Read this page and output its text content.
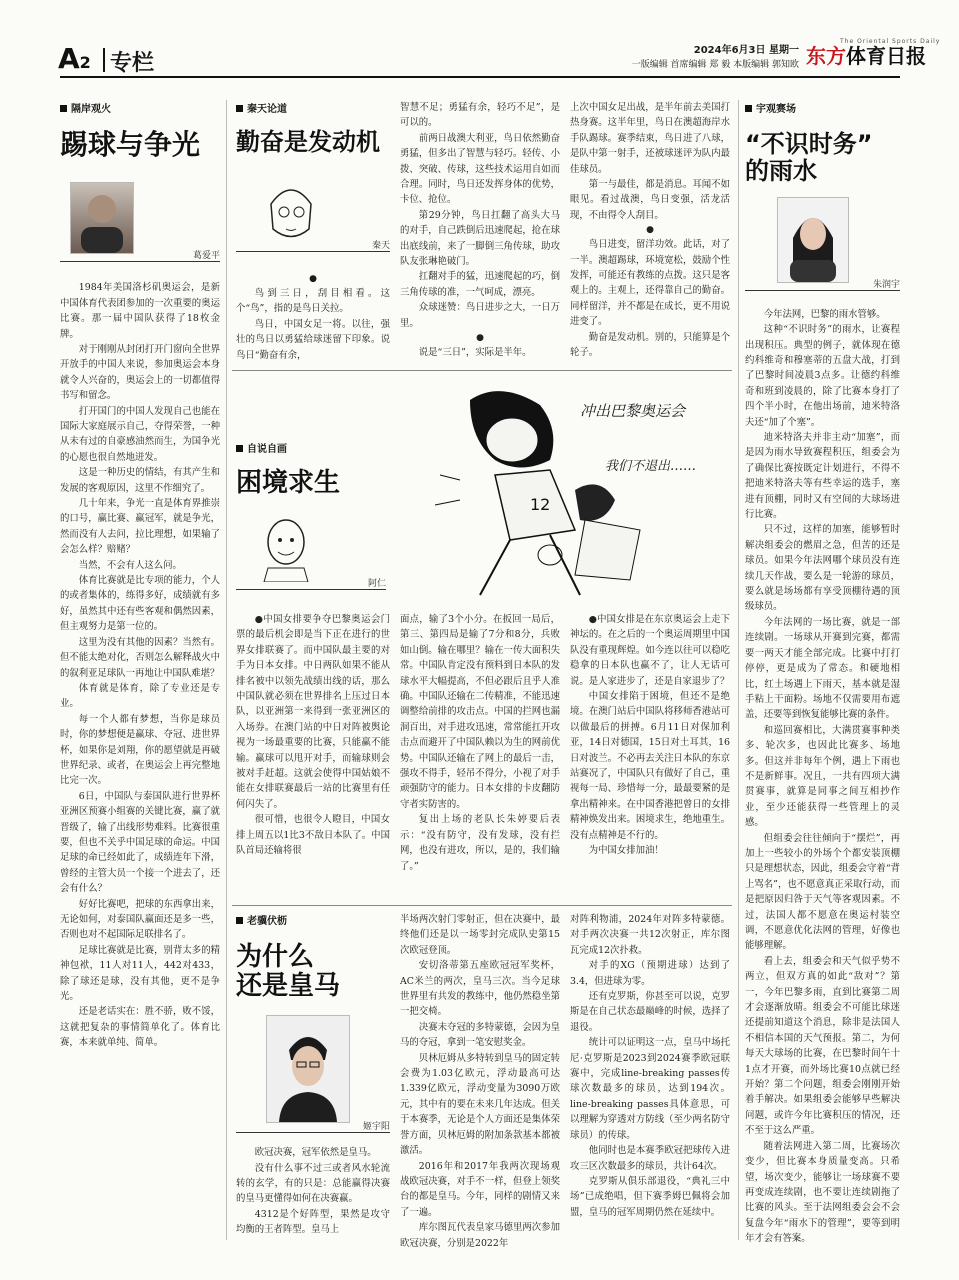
A2 专栏
2024年6月3日 星期一
一版编辑 首席编辑 郑 毅 本版编辑 郭知欧 东方体育日报
The Oriental Sports Daily
隔岸观火
踢球与争光
葛爱平

1984年美国洛杉矶奥运会，是新中国体育代表团参加的一次重要的奥运比赛。那一届中国队获得了18枚金牌。

对于刚刚从封闭打开门窗向全世界开放手的中国人来说，参加奥运会本身就令人兴奋的，奥运会上的一切都值得书写和留念。

打开国门的中国人发现自己也能在国际大家庭展示自己，夺得荣誉，一种从未有过的自豪感油然而生，为国争光的心愿也很自然地迸发。

这是一种历史的情结，有其产生和发展的客观原因，这里不作细究了。

几十年来，争光一直是体育界推崇的口号，赢比赛、赢冠军，就是争光，然而没有人去问，拉比理想，如果输了会怎么样？赔赌？

当然，不会有人这么问。

体育比赛就是比专项的能力，个人的或者集体的，练得多好，成绩就有多好，虽然其中还有些客观和偶然因素，但主观努力是第一位的。

这里为没有其他的因素？当然有。但不能太绝对化，否则怎么解释战火中的叙利亚足球队一再地让中国队难堪？

体育就是体育，除了专业还是专业。

每一个人都有梦想，当你是球员时，你的梦想便是赢球、夺冠、进世界杯，如果你是刘翔，你的愿望就是再破世界纪录、或者，在奥运会上再完整地比完一次。

6日，中国队与泰国队进行世界杯亚洲区预赛小组赛的关键比赛，赢了就晋级了，输了出线形势难料。比赛很重要，但也不关乎中国足球的命运。中国足球的命已经如此了，成绩连年下滑，曾经的主管大员一个接一个进去了，还会有什么？

好好比赛吧，把球的东西拿出来，无论如何，对泰国队赢面还是多一些，否则也对不起国际足联排名了。

足球比赛就是比赛，别背太多的精神包袱，11人对11人，442对433，除了球还是球，没有其他，更不是争光。

还是老话实在：胜不骄，败不馁，这就把复杂的事情简单化了。体育比赛，本来就单纯、简单。

秦天论道
勤奋是发动机
秦天
●

鸟到三日，刮目相看。这个“鸟”，指的是鸟日关拉。

鸟日，中国女足一将。以往，强壮的鸟日以勇猛给球迷留下印象。说鸟日“勤奋有余，

智慧不足；勇猛有余，轻巧不足”，是可以的。

前两日战澳大利亚，鸟日依然勤奋勇猛，但多出了智慧与轻巧。轻传、小拨、突破、传球，这些技术运用自如而合理。同时，鸟日还发挥身体的优势，卡位、抢位。

第29分钟，鸟日扛翻了高头大马的对手，自己跌倒后迅速爬起，抢在球出底线前，来了一脚倒三角传球，助攻队友张琳艳破门。

扛翻对手的猛，迅速爬起的巧，倒三角传球的准，一气呵成，漂亮。

众球迷赞：鸟日进步之大，一日万里。

●

说是“三日”，实际是半年。

上次中国女足出战，是半年前去美国打热身赛。这半年里，鸟日在澳超海岸水手队踢球。赛季结束，鸟日进了八球，是队中第一射手，还被球迷评为队内最佳球员。

第一与最佳，都是消息。耳闻不如眼见。看过战澳，鸟日变强，活龙活现，不由得令人刮目。

●

鸟日进变，留洋功效。此话，对了一半。澳超踢球，环境宽松，鼓励个性发挥，可能还有教练的点拨。这只是客观上的。主观上，还得靠自己的勤奋。同样留洋，并不都是在成长，更不用说进变了。

勤奋是发动机。别的，只能算是个轮子。

宇观赛场
“不识时务”
的雨水
朱润宇

今年法网，巴黎的雨水管够。

这种“不识时务”的雨水，让赛程出现积压。典型的例子，就体现在德约科维奇和穆塞蒂的五盘大战，打到了巴黎时间凌晨3点多。让德约科维奇和班到凌晨的，除了比赛本身打了四个半小时，在他出场前，迪米特洛夫还“加了个塞”。

迪米特洛夫并非主动“加塞”，而是因为雨水导致赛程积压，组委会为了确保比赛按既定计划进行，不得不把迪米特洛夫等有些幸运的选手，塞进有顶棚，同时又有空间的大球场进行比赛。

只不过，这样的加塞，能够暂时解决组委会的燃眉之急，但苦的还是球员。如果今年法网哪个球员没有连续几天作战，要么是一轮游的球员，要么就是场场都有享受顶棚待遇的顶级球员。

今年法网的一场比赛，就是一部连续剧。一场球从开赛到完赛，都需要一两天才能全部完成。比赛中打打停停，更是成为了常态。和硬地相比，红土场遇上下雨天，基本就是湿手粘上干面粉。场地不仅需要用布遮盖，还要等到恢复能够比赛的条件。

和巡回赛相比，大满贯赛事种类多、轮次多，也因此比赛多、场地多。但这并非每年个例，遇上下雨也不是新鲜事。况且，一共有四项大满贯赛事，就算是同事之间互相抄作业，至少还能获得一些管理上的灵感。

但组委会往往倾向于“摆烂”，再加上一些较小的外场个个都安装顶棚只是理想状态，因此，组委会守着“背上骂名”，也不愿意真正采取行动，而是把原因归咎于天气等客观因素。不过，法国人都不愿意在奥运村装空调，不愿意优化法网的管理，好像也能够理解。

看上去，组委会和天气似乎势不两立，但双方真的如此“敌对”？第一，今年巴黎多雨，直到比赛第二周才会逐渐放晴。组委会不可能比球迷还提前知道这个消息，除非是法国人不相信本国的天气预报。第二，为何每天大球场的比赛，在巴黎时间午十1点才开赛，而外场比赛10点就已经开始？第二个问题，组委会刚刚开始着手解决。如果组委会能够早些解决问题，或许今年比赛积压的情况，还不至于这么严重。

随着法网进入第二周，比赛场次变少，但比赛本身质量变高。只希望，场次变少，能够让一场球赛不要再变成连续剧，也不要让连续剧拖了比赛的风头。至于法网组委会会不会复盘今年“雨水下的管理”，要等到明年才会有答案。

自说自画
困境求生
阿仁
12
冲出巴黎奥运会
我们不退出……

●中国女排要争夺巴黎奥运会门票的最后机会即是当下正在进行的世界女排联赛了。而中国队最主要的对手为日本女排。中日两队如果不能从排名被中以领先战绩出线的话，那么中国队就必须在世界排名上压过日本队，以亚洲第一来得到一张亚洲区的入场券。在澳门站的中日对阵被舆论视为一场最重要的比赛，只能赢不能输。赢球可以甩开对手，而输球则会被对手赶超。这就会使得中国姑娘不能在女排联赛最后一站的比赛里有任何闪失了。

很可惜，也很令人瞪目，中国女排上周五以1比3不敌日本队了。中国队首局还输将很

面点，输了3个小分。在扳回一局后，第三、第四局是输了7分和8分，兵败如山倒。输在哪里？输在一传大面积失常。中国队肯定没有预料到日本队的发球水平大幅提高，不但必跟后且乎人准确。中国队还输在二传精准，不能迅速调整给前排的攻击点。中国的拦网也漏洞百出，对手进攻迅速，常常能扛开攻击点而避开了中国队赖以为生的网前优势。中国队还输在了网上的最后一击，强攻不得手，轻吊不得分，小视了对手顽强防守的能力。日本女排的卡皮翻防守者实防害的。

复出上场的老队长朱婷要后表示：“没有防守，没有发球，没有拦网，也没有进攻，所以，是的，我们输了。”

●中国女排是在东京奥运会上走下神坛的。在之后的一个奥运周期里中国队没有重现辉煌。如今连以往可以稳吃稳拿的日本队也赢不了，让人无话可说。是人家进步了，还是自家退步了？

中国女排陷于困境，但还不是绝境。在澳门站后中国队将移师香港站可以做最后的拼搏。6月11日对保加利亚，14日对德国，15日对土耳其，16日对波兰。不必再去关注日本队的东京站赛况了，中国队只有做好了自己，重视每一局、珍惜每一分，最最要紧的是拿出精神来。在中国香港把曾日的女排精神焕发出来。困境求生，绝地重生。没有点精神是不行的。

为中国女排加油！

老骥伏枥
为什么
还是皇马
姬宇阳

欧冠决赛，冠军依然是皇马。

没有什么事不过三或者风水轮流转的玄学，有的只是：总能赢得决赛的皇马更懂得如何在决赛赢。

4312是个好阵型，果然是攻守均衡的王者阵型。皇马上

半场两次射门零射正，但在决赛中，最终他们还是以一场零封完成队史第15次欧冠登顶。

安切洛蒂第五座欧冠冠军奖杯，AC米兰的两次，皇马三次。当今足球世界里有共发的教练中，他仍然稳坐第一把交椅。

决赛未夺冠的多特蒙德，会因为皇马的夺冠，拿到一笔安慰奖金。

贝林厄姆从多特转到皇马的固定转会费为1.03亿欧元，浮动最高可达1.339亿欧元，浮动变量为3090万欧元，其中有的要在未来几年达成。但关于本赛季，无论是个人方面还是集体荣誉方面，贝林厄姆的附加条款基本都被激活。

2016年和2017年我两次现场观战欧冠决赛，对手不一样，但登上领奖台的都是皇马。今年，同样的剧情又来了一遍。

库尔图瓦代表皇家马德里两次参加欧冠决赛，分别是2022年

对阵利物浦，2024年对阵多特蒙德。对手两次决赛一共12次射正，库尔图瓦完成12次扑救。

对手的XG（预期进球）达到了3.4，但进球为零。

还有克罗斯，你甚至可以说，克罗斯是在自己状态最巅峰的时候，选择了退役。

统计可以证明这一点，皇马中场托尼·克罗斯是2023到2024赛季欧冠联赛中，完成line-breaking passes传球次数最多的球员，达到194次。line-breaking passes具体意思，可以理解为穿透对方防线（至少两名防守球员）的传球。

他同时也是本赛季欧冠把球传入进攻三区次数最多的球员，共计64次。

克罗斯从俱乐部退役，“典礼三中场”已成绝唱，但下赛季姆巴佩将会加盟，皇马的冠军周期仍然在延续中。
